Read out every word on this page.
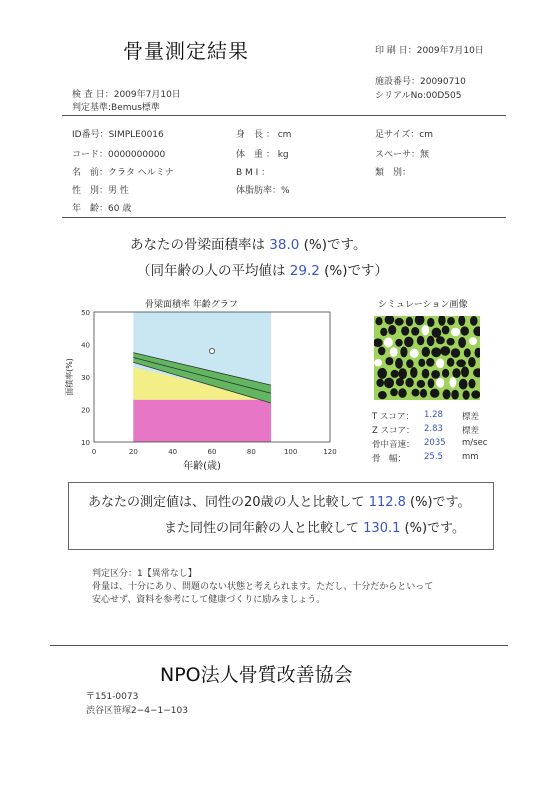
骨量測定結果	印 刷 日：2009年7月10日
施設番号：20090710
シリアルNo:00D505
検 査 日：2009年7月10日
判定基準:Bemus標準
ID番号：SIMPLE0016
コード：0000000000
名　前：クラタ ヘルミナ
性　別：男 性
年　齢：60 歳
身　長 ： cm
体　重 ： kg
B M I ：
体脂肪率：%
足サイズ：cm
スペーサ：無
類　別：
あなたの骨梁面積率は 38.0 (%)です。
（同年齢の人の平均値は 29.2 (%)です）
骨梁面積率 年齢グラフ
10
20
30
40
50
0	20	40	60	80	100	120
年齢(歳)
面積率(%)
シミュレーション画像
T スコア： 1.28 標差
Z スコア： 2.83 標差
骨中音速： 2035 m/sec
骨　幅： 25.5 mm
あなたの測定値は、同性の20歳の人と比較して 112.8 (%)です。
また同性の同年齢の人と比較して 130.1 (%)です。
判定区分：1【異常なし】
骨量は、十分にあり、問題のない状態と考えられます。ただし、十分だからといって
安心せず、資料を参考にして健康づくりに励みましょう。
NPO法人骨質改善協会
〒151-0073
渋谷区笹塚2−4−1−103
